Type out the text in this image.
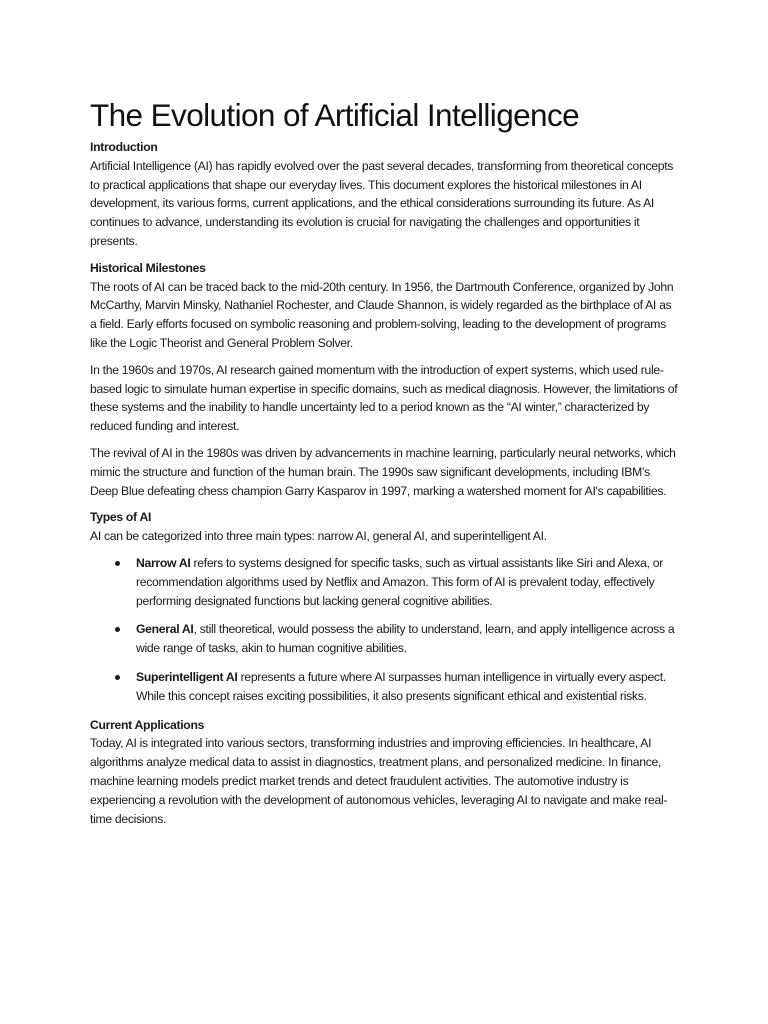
The Evolution of Artificial Intelligence
Introduction

Artificial Intelligence (AI) has rapidly evolved over the past several decades, transforming from theoretical concepts to practical applications that shape our everyday lives. This document explores the historical milestones in AI development, its various forms, current applications, and the ethical considerations surrounding its future. As AI continues to advance, understanding its evolution is crucial for navigating the challenges and opportunities it presents.

Historical Milestones

The roots of AI can be traced back to the mid-20th century. In 1956, the Dartmouth Conference, organized by John McCarthy, Marvin Minsky, Nathaniel Rochester, and Claude Shannon, is widely regarded as the birthplace of AI as a field. Early efforts focused on symbolic reasoning and problem-solving, leading to the development of programs like the Logic Theorist and General Problem Solver.

In the 1960s and 1970s, AI research gained momentum with the introduction of expert systems, which used rule-based logic to simulate human expertise in specific domains, such as medical diagnosis. However, the limitations of these systems and the inability to handle uncertainty led to a period known as the “AI winter,” characterized by reduced funding and interest.

The revival of AI in the 1980s was driven by advancements in machine learning, particularly neural networks, which mimic the structure and function of the human brain. The 1990s saw significant developments, including IBM’s Deep Blue defeating chess champion Garry Kasparov in 1997, marking a watershed moment for AI's capabilities.

Types of AI

AI can be categorized into three main types: narrow AI, general AI, and superintelligent AI.

Narrow AI refers to systems designed for specific tasks, such as virtual assistants like Siri and Alexa, or recommendation algorithms used by Netflix and Amazon. This form of AI is prevalent today, effectively performing designated functions but lacking general cognitive abilities.
General AI, still theoretical, would possess the ability to understand, learn, and apply intelligence across a wide range of tasks, akin to human cognitive abilities.
Superintelligent AI represents a future where AI surpasses human intelligence in virtually every aspect. While this concept raises exciting possibilities, it also presents significant ethical and existential risks.
Current Applications

Today, AI is integrated into various sectors, transforming industries and improving efficiencies. In healthcare, AI algorithms analyze medical data to assist in diagnostics, treatment plans, and personalized medicine. In finance, machine learning models predict market trends and detect fraudulent activities. The automotive industry is experiencing a revolution with the development of autonomous vehicles, leveraging AI to navigate and make real-time decisions.
